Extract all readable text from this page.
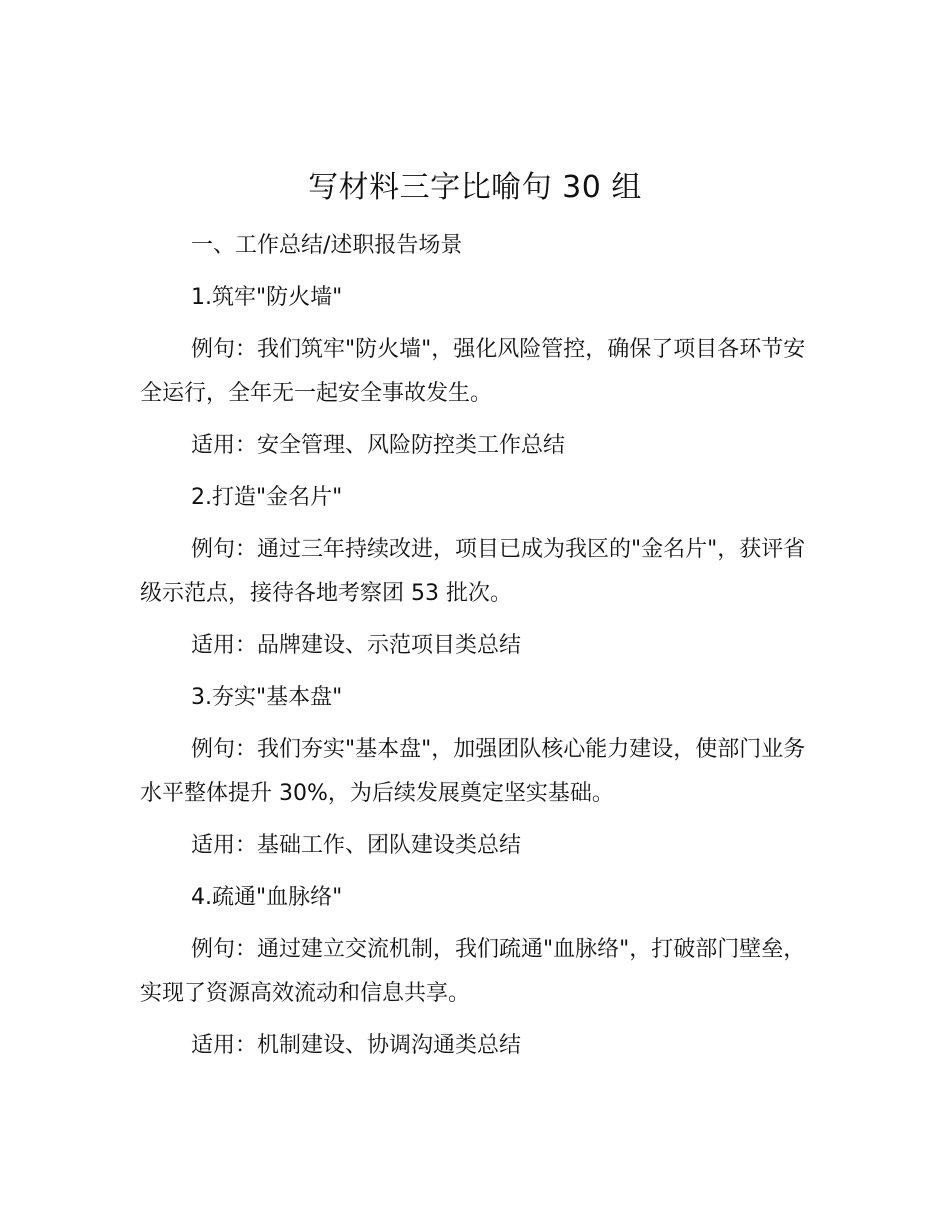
写材料三字比喻句 30 组

一、工作总结/述职报告场景

1.筑牢"防火墙"

例句：我们筑牢"防火墙"，强化风险管控，确保了项目各环节安全运行，全年无一起安全事故发生。

适用：安全管理、风险防控类工作总结

2.打造"金名片"

例句：通过三年持续改进，项目已成为我区的"金名片"，获评省级示范点，接待各地考察团 53 批次。

适用：品牌建设、示范项目类总结

3.夯实"基本盘"

例句：我们夯实"基本盘"，加强团队核心能力建设，使部门业务水平整体提升 30%，为后续发展奠定坚实基础。

适用：基础工作、团队建设类总结

4.疏通"血脉络"

例句：通过建立交流机制，我们疏通"血脉络"，打破部门壁垒，实现了资源高效流动和信息共享。

适用：机制建设、协调沟通类总结
